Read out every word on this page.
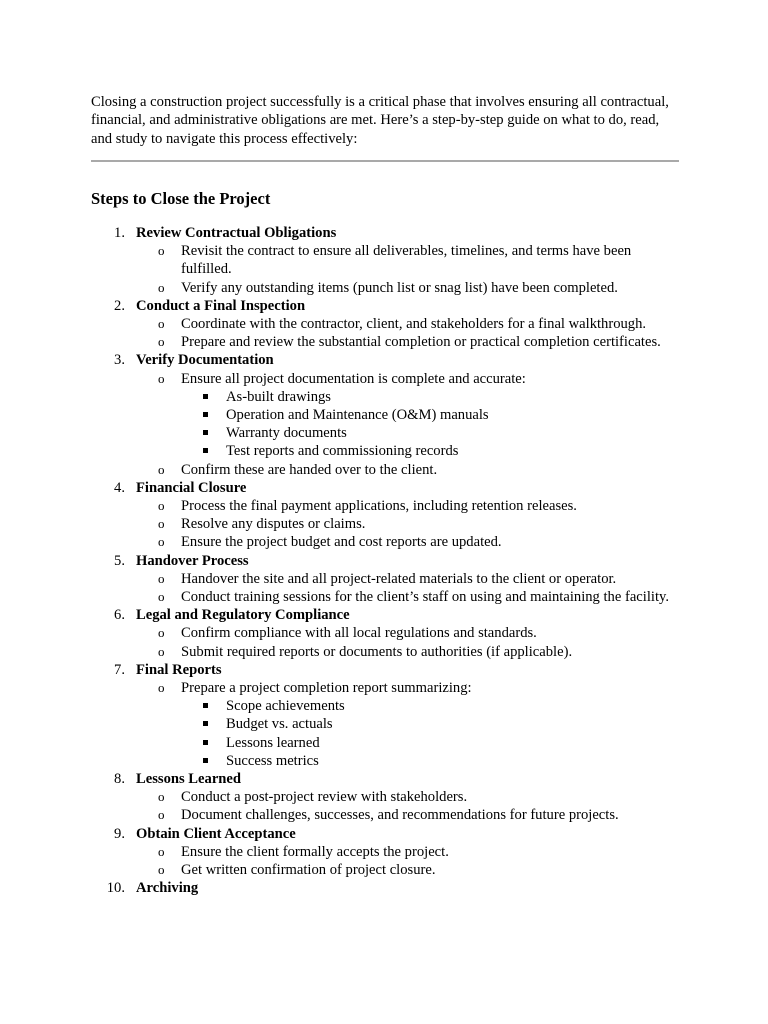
Closing a construction project successfully is a critical phase that involves ensuring all contractual, financial, and administrative obligations are met. Here’s a step-by-step guide on what to do, read, and study to navigate this process effectively:

Steps to Close the Project
1. Review Contractual Obligations
o Revisit the contract to ensure all deliverables, timelines, and terms have been fulfilled.
o Verify any outstanding items (punch list or snag list) have been completed.
2. Conduct a Final Inspection
o Coordinate with the contractor, client, and stakeholders for a final walkthrough.
o Prepare and review the substantial completion or practical completion certificates.
3. Verify Documentation
o Ensure all project documentation is complete and accurate:
As-built drawings
Operation and Maintenance (O&M) manuals
Warranty documents
Test reports and commissioning records
o Confirm these are handed over to the client.
4. Financial Closure
o Process the final payment applications, including retention releases.
o Resolve any disputes or claims.
o Ensure the project budget and cost reports are updated.
5. Handover Process
o Handover the site and all project-related materials to the client or operator.
o Conduct training sessions for the client’s staff on using and maintaining the facility.
6. Legal and Regulatory Compliance
o Confirm compliance with all local regulations and standards.
o Submit required reports or documents to authorities (if applicable).
7. Final Reports
o Prepare a project completion report summarizing:
Scope achievements
Budget vs. actuals
Lessons learned
Success metrics
8. Lessons Learned
o Conduct a post-project review with stakeholders.
o Document challenges, successes, and recommendations for future projects.
9. Obtain Client Acceptance
o Ensure the client formally accepts the project.
o Get written confirmation of project closure.
10. Archiving
